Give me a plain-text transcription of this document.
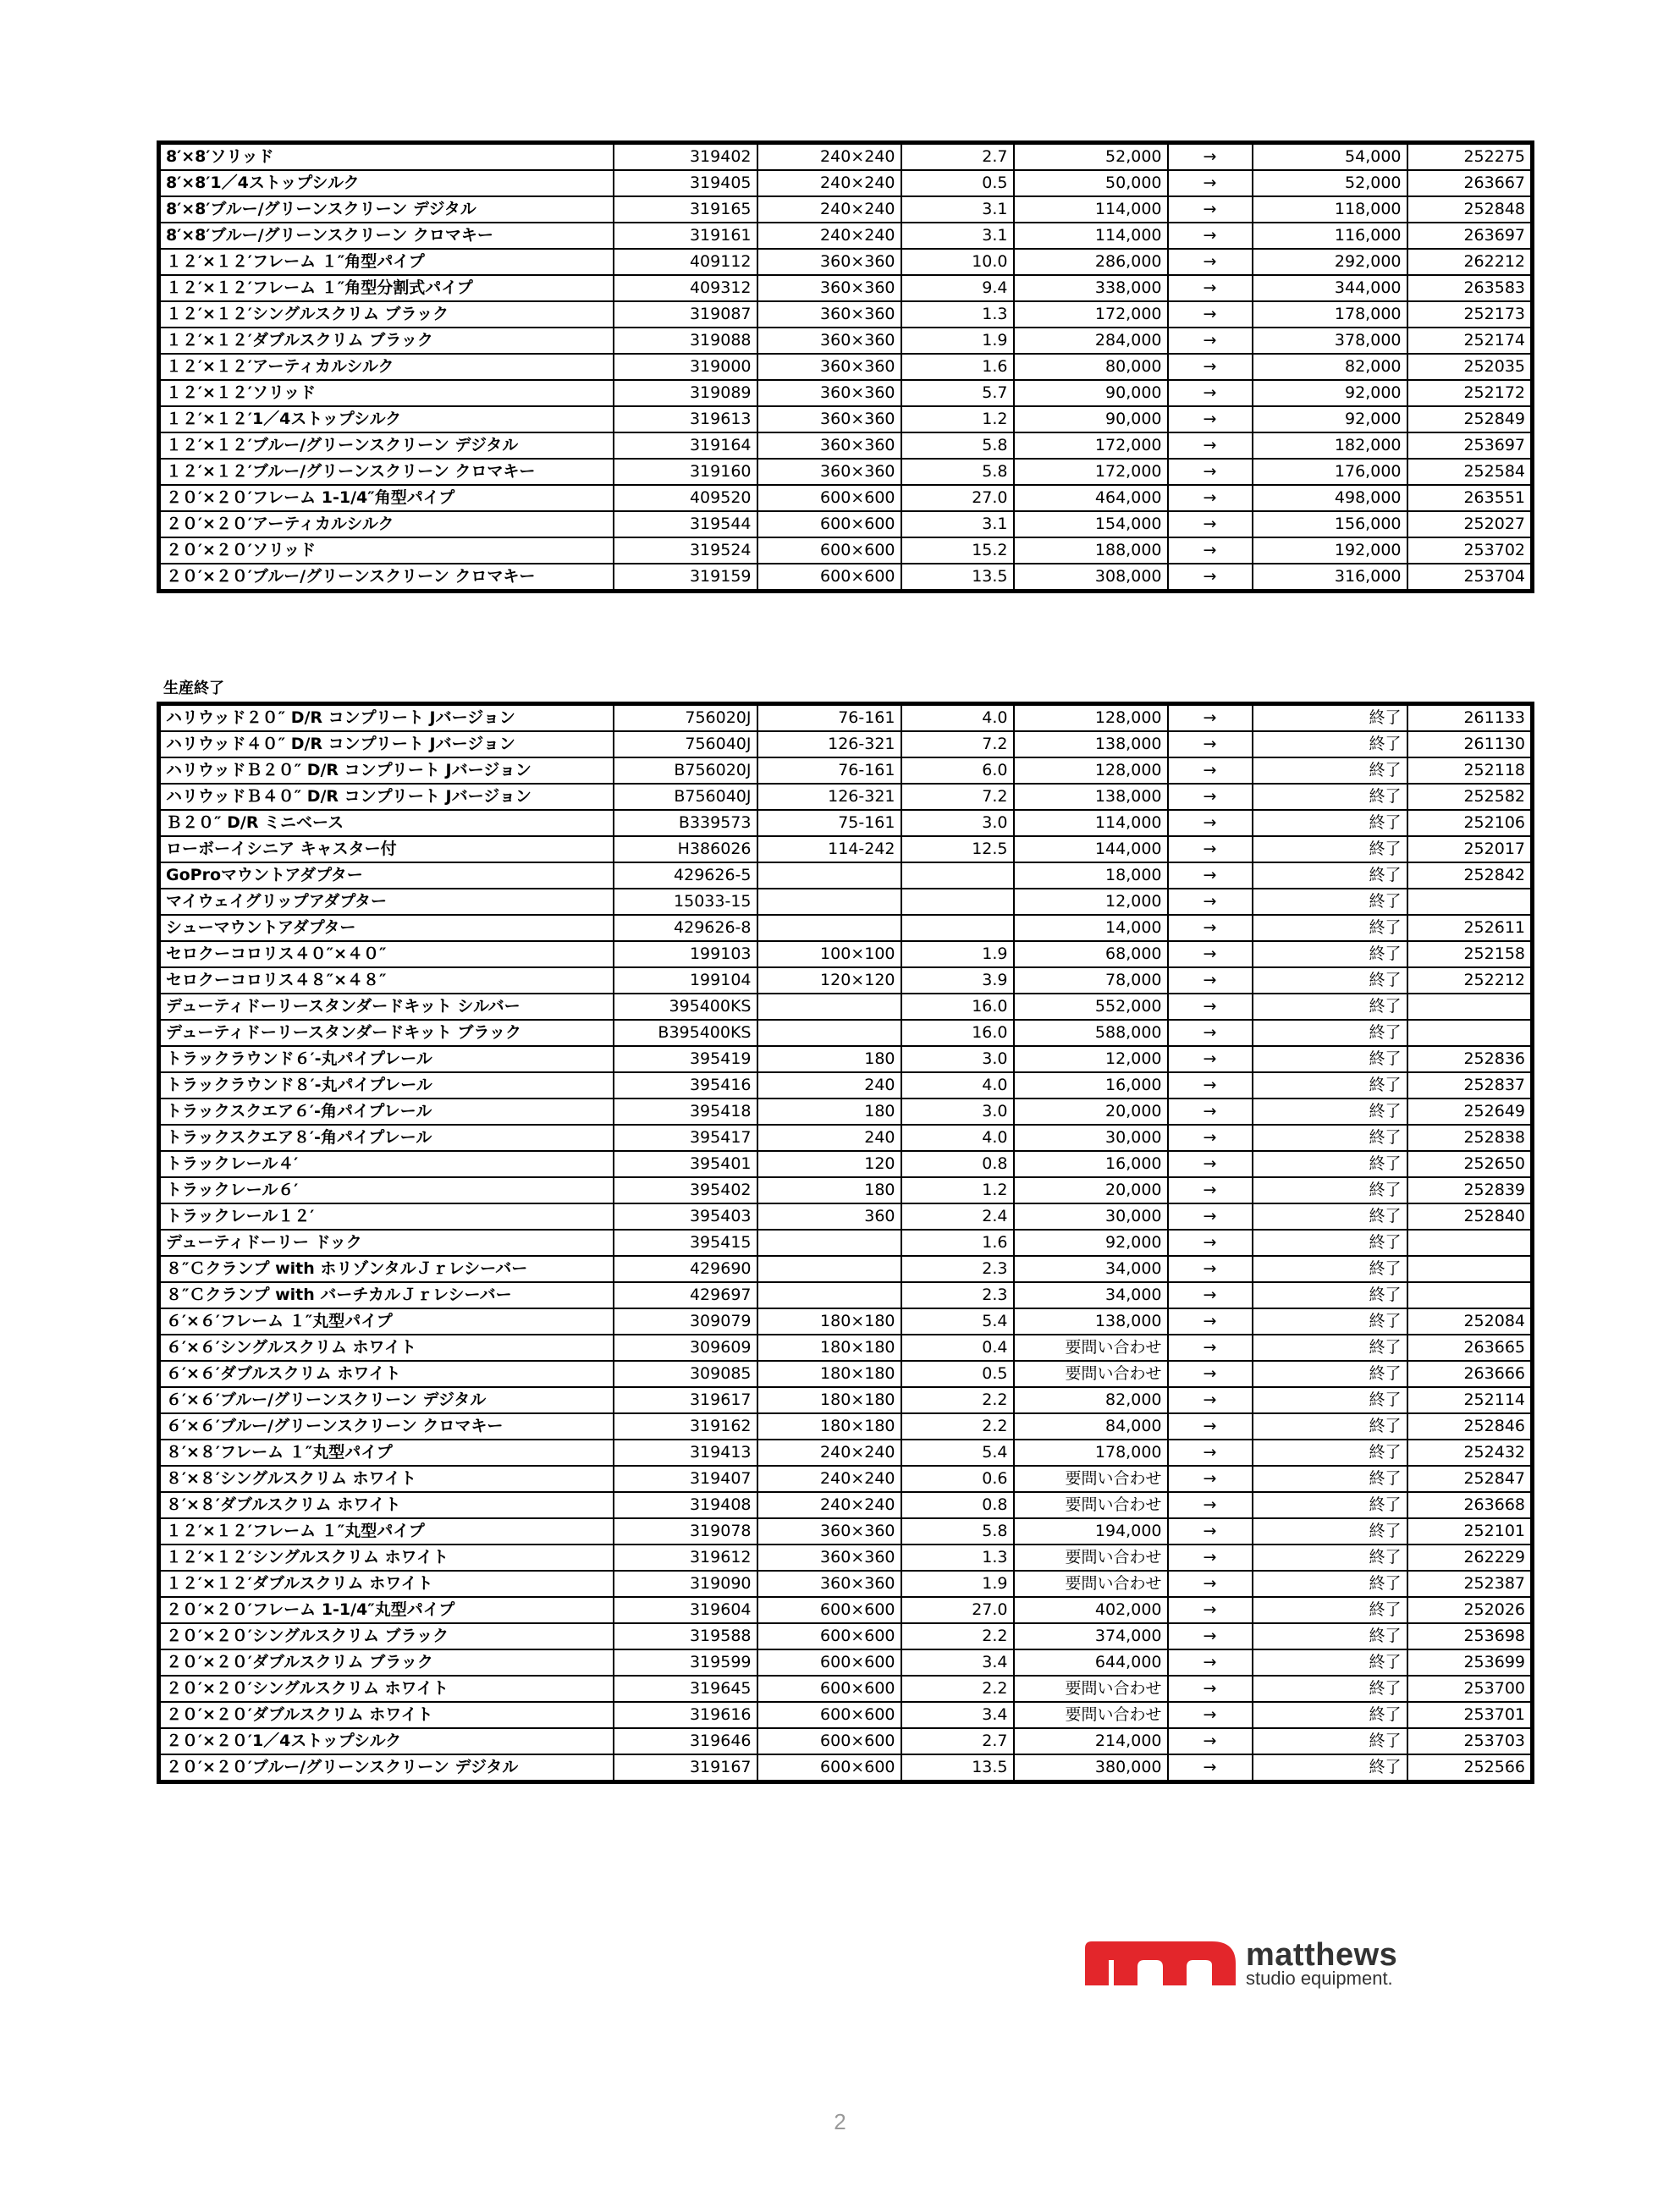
8′×8′ソリッド	319402	240×240	2.7	52,000	→	54,000	252275
8′×8′1／4ストップシルク	319405	240×240	0.5	50,000	→	52,000	263667
8′×8′ブルー/グリーンスクリーン デジタル	319165	240×240	3.1	114,000	→	118,000	252848
8′×8′ブルー/グリーンスクリーン クロマキー	319161	240×240	3.1	114,000	→	116,000	263697
１２′×１２′フレーム １″角型パイプ	409112	360×360	10.0	286,000	→	292,000	262212
１２′×１２′フレーム １″角型分割式パイプ	409312	360×360	9.4	338,000	→	344,000	263583
１２′×１２′シングルスクリム ブラック	319087	360×360	1.3	172,000	→	178,000	252173
１２′×１２′ダブルスクリム ブラック	319088	360×360	1.9	284,000	→	378,000	252174
１２′×１２′アーティカルシルク	319000	360×360	1.6	80,000	→	82,000	252035
１２′×１２′ソリッド	319089	360×360	5.7	90,000	→	92,000	252172
１２′×１２′1／4ストップシルク	319613	360×360	1.2	90,000	→	92,000	252849
１２′×１２′ブルー/グリーンスクリーン デジタル	319164	360×360	5.8	172,000	→	182,000	253697
１２′×１２′ブルー/グリーンスクリーン クロマキー	319160	360×360	5.8	172,000	→	176,000	252584
２０′×２０′フレーム 1-1/4″角型パイプ	409520	600×600	27.0	464,000	→	498,000	263551
２０′×２０′アーティカルシルク	319544	600×600	3.1	154,000	→	156,000	252027
２０′×２０′ソリッド	319524	600×600	15.2	188,000	→	192,000	253702
２０′×２０′ブルー/グリーンスクリーン クロマキー	319159	600×600	13.5	308,000	→	316,000	253704
生産終了
ハリウッド２０″ D/R コンプリート Jバージョン	756020J	76-161	4.0	128,000	→	終了	261133
ハリウッド４０″ D/R コンプリート Jバージョン	756040J	126-321	7.2	138,000	→	終了	261130
ハリウッドＢ２０″ D/R コンプリート Jバージョン	B756020J	76-161	6.0	128,000	→	終了	252118
ハリウッドＢ４０″ D/R コンプリート Jバージョン	B756040J	126-321	7.2	138,000	→	終了	252582
Ｂ２０″ D/R ミニベース	B339573	75-161	3.0	114,000	→	終了	252106
ローボーイシニア キャスター付	H386026	114-242	12.5	144,000	→	終了	252017
GoProマウントアダプター	429626-5			18,000	→	終了	252842
マイウェイグリップアダプター	15033-15			12,000	→	終了	
シューマウントアダプター	429626-8			14,000	→	終了	252611
セロクーコロリス４０″×４０″	199103	100×100	1.9	68,000	→	終了	252158
セロクーコロリス４８″×４８″	199104	120×120	3.9	78,000	→	終了	252212
デューティドーリースタンダードキット シルバー	395400KS		16.0	552,000	→	終了	
デューティドーリースタンダードキット ブラック	B395400KS		16.0	588,000	→	終了	
トラックラウンド６′-丸パイプレール	395419	180	3.0	12,000	→	終了	252836
トラックラウンド８′-丸パイプレール	395416	240	4.0	16,000	→	終了	252837
トラックスクエア６′-角パイプレール	395418	180	3.0	20,000	→	終了	252649
トラックスクエア８′-角パイプレール	395417	240	4.0	30,000	→	終了	252838
トラックレール４′	395401	120	0.8	16,000	→	終了	252650
トラックレール６′	395402	180	1.2	20,000	→	終了	252839
トラックレール１２′	395403	360	2.4	30,000	→	終了	252840
デューティドーリー ドック	395415		1.6	92,000	→	終了	
８″Ｃクランプ with ホリゾンタルＪｒレシーバー	429690		2.3	34,000	→	終了	
８″Ｃクランプ with バーチカルＪｒレシーバー	429697		2.3	34,000	→	終了	
６′×６′フレーム １″丸型パイプ	309079	180×180	5.4	138,000	→	終了	252084
６′×６′シングルスクリム ホワイト	309609	180×180	0.4	要問い合わせ	→	終了	263665
６′×６′ダブルスクリム ホワイト	309085	180×180	0.5	要問い合わせ	→	終了	263666
６′×６′ブルー/グリーンスクリーン デジタル	319617	180×180	2.2	82,000	→	終了	252114
６′×６′ブルー/グリーンスクリーン クロマキー	319162	180×180	2.2	84,000	→	終了	252846
８′×８′フレーム １″丸型パイプ	319413	240×240	5.4	178,000	→	終了	252432
８′×８′シングルスクリム ホワイト	319407	240×240	0.6	要問い合わせ	→	終了	252847
８′×８′ダブルスクリム ホワイト	319408	240×240	0.8	要問い合わせ	→	終了	263668
１２′×１２′フレーム １″丸型パイプ	319078	360×360	5.8	194,000	→	終了	252101
１２′×１２′シングルスクリム ホワイト	319612	360×360	1.3	要問い合わせ	→	終了	262229
１２′×１２′ダブルスクリム ホワイト	319090	360×360	1.9	要問い合わせ	→	終了	252387
２０′×２０′フレーム 1-1/4″丸型パイプ	319604	600×600	27.0	402,000	→	終了	252026
２０′×２０′シングルスクリム ブラック	319588	600×600	2.2	374,000	→	終了	253698
２０′×２０′ダブルスクリム ブラック	319599	600×600	3.4	644,000	→	終了	253699
２０′×２０′シングルスクリム ホワイト	319645	600×600	2.2	要問い合わせ	→	終了	253700
２０′×２０′ダブルスクリム ホワイト	319616	600×600	3.4	要問い合わせ	→	終了	253701
２０′×２０′1／4ストップシルク	319646	600×600	2.7	214,000	→	終了	253703
２０′×２０′ブルー/グリーンスクリーン デジタル	319167	600×600	13.5	380,000	→	終了	252566
matthews
studio equipment.
2
